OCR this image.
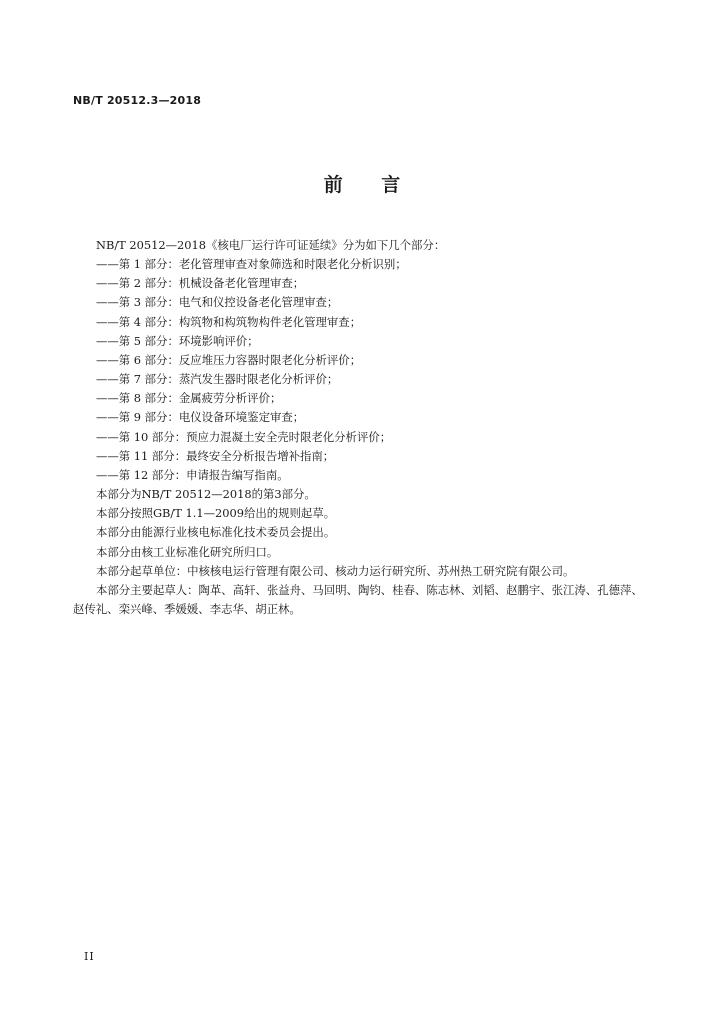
NB/T 20512.3—2018
前 言
NB/T 20512—2018《核电厂运行许可证延续》分为如下几个部分：
——第 1 部分：老化管理审查对象筛选和时限老化分析识别；
——第 2 部分：机械设备老化管理审查；
——第 3 部分：电气和仪控设备老化管理审查；
——第 4 部分：构筑物和构筑物构件老化管理审查；
——第 5 部分：环境影响评价；
——第 6 部分：反应堆压力容器时限老化分析评价；
——第 7 部分：蒸汽发生器时限老化分析评价；
——第 8 部分：金属疲劳分析评价；
——第 9 部分：电仪设备环境鉴定审查；
——第 10 部分：预应力混凝土安全壳时限老化分析评价；
——第 11 部分：最终安全分析报告增补指南；
——第 12 部分：申请报告编写指南。
本部分为NB/T 20512—2018的第3部分。
本部分按照GB/T 1.1—2009给出的规则起草。
本部分由能源行业核电标准化技术委员会提出。
本部分由核工业标准化研究所归口。
本部分起草单位：中核核电运行管理有限公司、核动力运行研究所、苏州热工研究院有限公司。
本部分主要起草人：陶革、高轩、张益舟、马回明、陶钧、桂春、陈志林、刘韬、赵鹏宇、张江涛、孔德萍、赵传礼、栾兴峰、季媛媛、李志华、胡正林。
II
